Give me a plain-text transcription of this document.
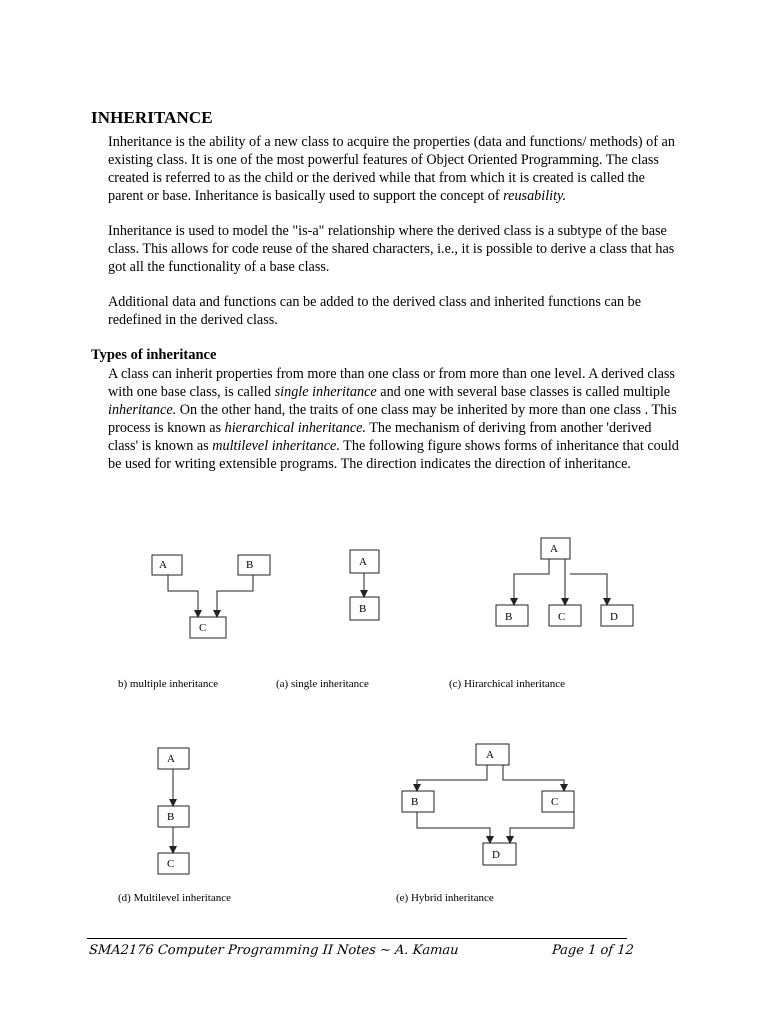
INHERITANCE

Inheritance is the ability of a new class to acquire the properties (data and functions/ methods) of an existing class. It is one of the most powerful features of Object Oriented Programming. The class created is referred to as the child or the derived while that from which it is created is called the parent or base. Inheritance is basically used to support the concept of reusability.

Inheritance is used to model the "is-a" relationship where the derived class is a subtype of the base class. This allows for code reuse of the shared characters, i.e., it is possible to derive a class that has got all the functionality of a base class.

Additional data and functions can be added to the derived class and inherited functions can be redefined in the derived class.

Types of inheritance

A class can inherit properties from more than one class or from more than one level. A derived class with one base class, is called single inheritance and one with several base classes is called multiple inheritance. On the other hand, the traits of one class may be inherited by more than one class . This process is known as hierarchical inheritance. The mechanism of deriving from another 'derived class' is known as multilevel inheritance. The following figure shows forms of inheritance that could be used for writing extensible programs. The direction indicates the direction of inheritance.

A	B
C
b) multiple inheritance
A
B
(a) single inheritance
A
B	C	D
(c) Hirarchical inheritance
A
B
C
(d) Multilevel inheritance
A
B	C
D
(e) Hybrid inheritance
SMA2176 Computer Programming II Notes ~ A. Kamau	Page 1 of 12
